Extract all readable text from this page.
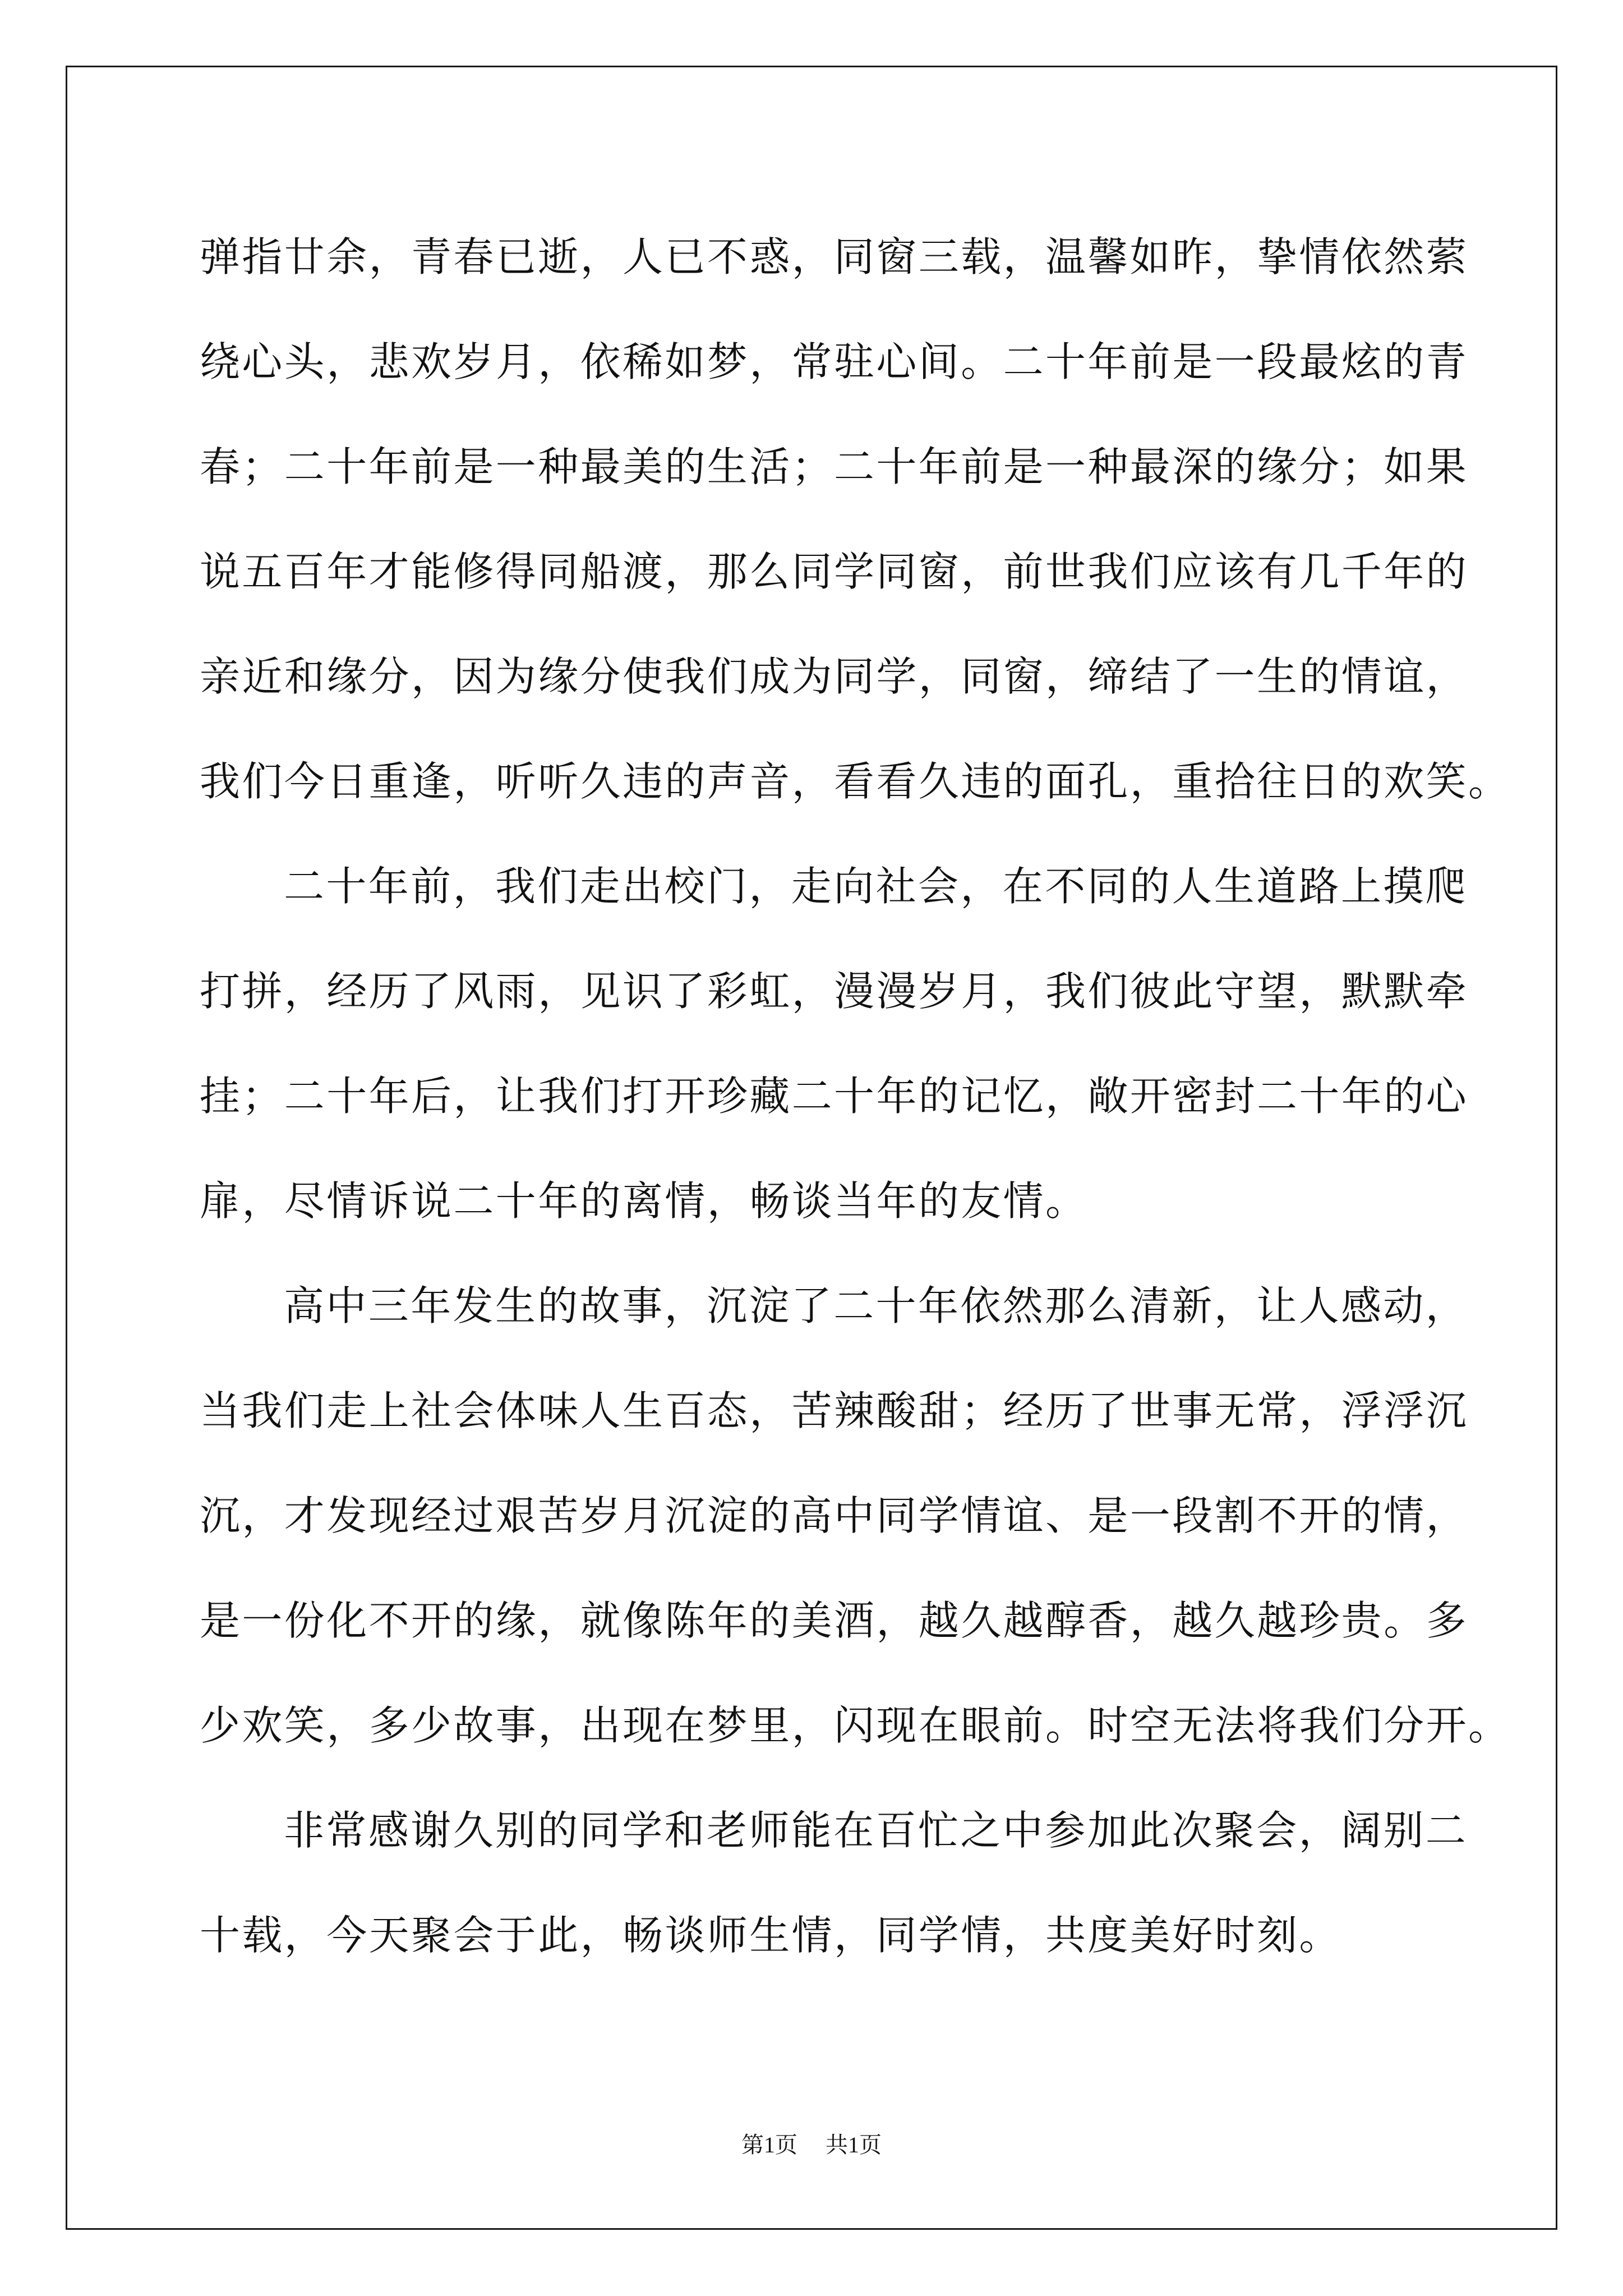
弹指廿余，青春已逝，人已不惑，同窗三载，温馨如昨，挚情依然萦
绕心头，悲欢岁月，依稀如梦，常驻心间。二十年前是一段最炫的青
春；二十年前是一种最美的生活；二十年前是一种最深的缘分；如果
说五百年才能修得同船渡，那么同学同窗，前世我们应该有几千年的
亲近和缘分，因为缘分使我们成为同学，同窗，缔结了一生的情谊，
我们今日重逢，听听久违的声音，看看久违的面孔，重拾往日的欢笑。
二十年前，我们走出校门，走向社会，在不同的人生道路上摸爬
打拼，经历了风雨，见识了彩虹，漫漫岁月，我们彼此守望，默默牵
挂；二十年后，让我们打开珍藏二十年的记忆，敞开密封二十年的心
扉，尽情诉说二十年的离情，畅谈当年的友情。
高中三年发生的故事，沉淀了二十年依然那么清新，让人感动，
当我们走上社会体味人生百态，苦辣酸甜；经历了世事无常，浮浮沉
沉，才发现经过艰苦岁月沉淀的高中同学情谊、是一段割不开的情，
是一份化不开的缘，就像陈年的美酒，越久越醇香，越久越珍贵。多
少欢笑，多少故事，出现在梦里，闪现在眼前。时空无法将我们分开。
非常感谢久别的同学和老师能在百忙之中参加此次聚会，阔别二
十载，今天聚会于此，畅谈师生情，同学情，共度美好时刻。
第1页 共1页
